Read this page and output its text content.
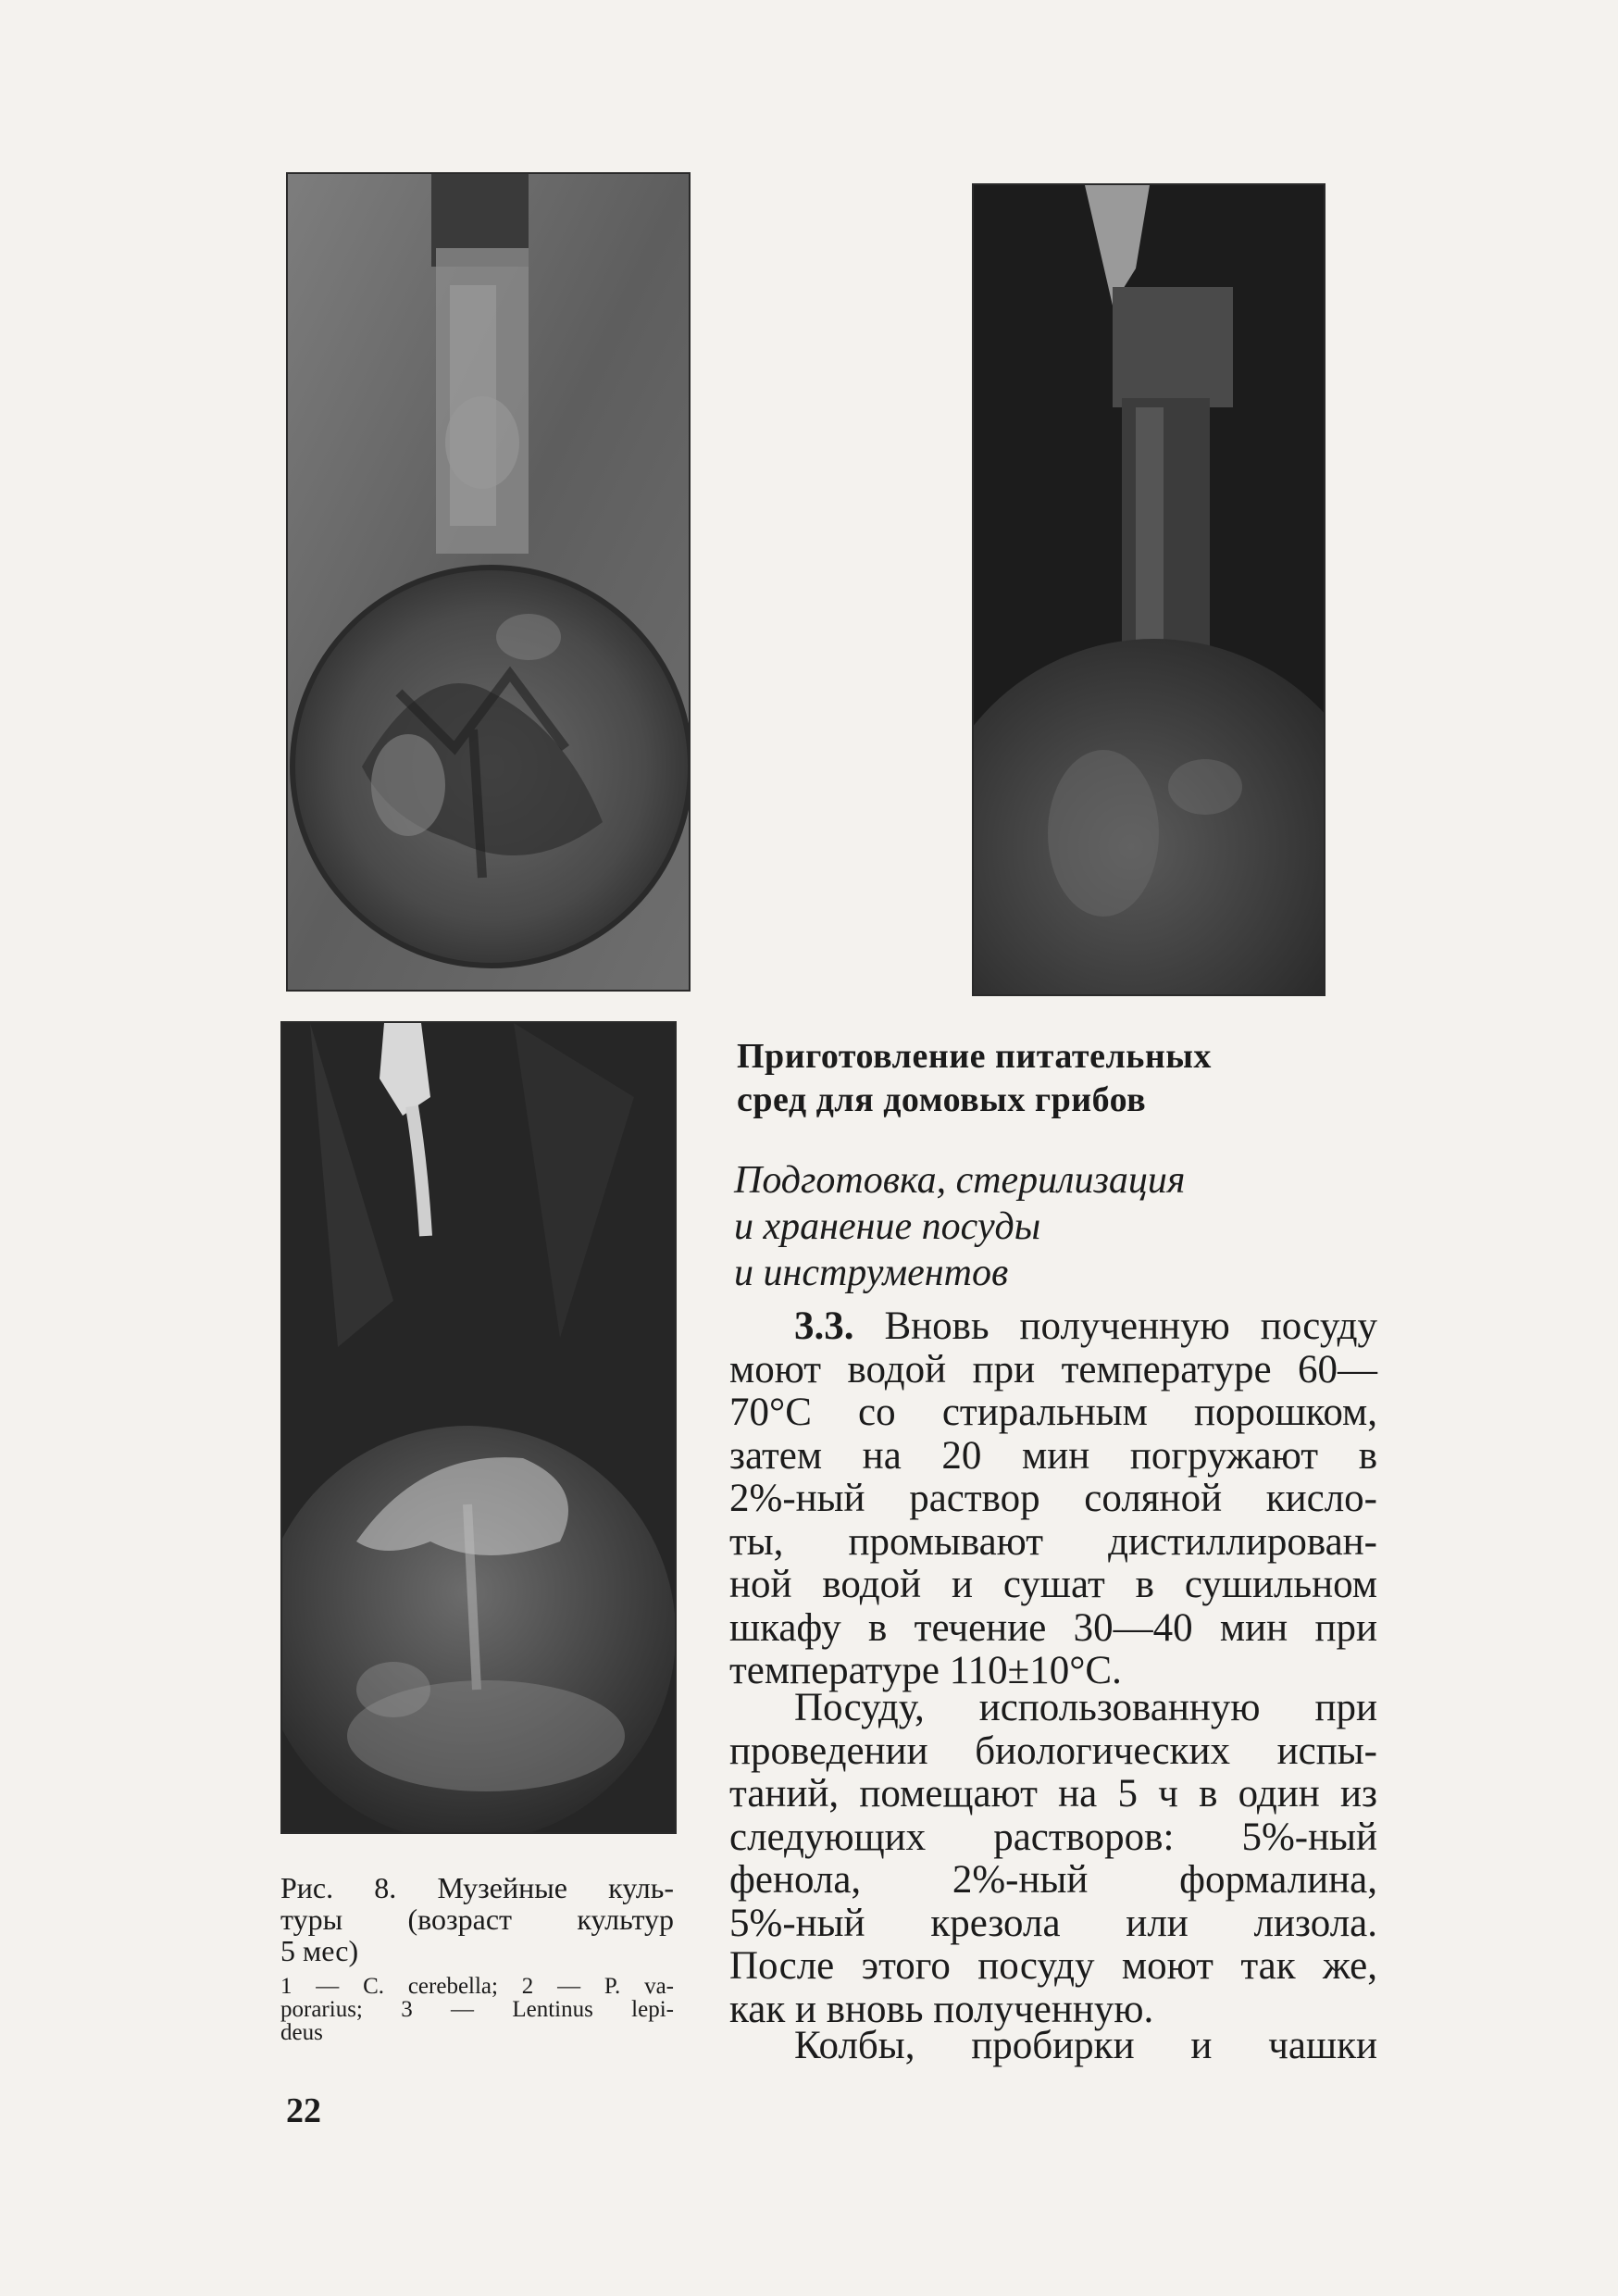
Приготовление питательных
сред для домовых грибов
Подготовка, стерилизация
и хранение посуды
и инструментов
3.3. Вновь полученную посуду
моют водой при температуре 60—
70°С со стиральным порошком,
затем на 20 мин погружают в
2%-ный раствор соляной кисло-
ты, промывают дистиллирован-
ной водой и сушат в сушильном
шкафу в течение 30—40 мин при
температуре 110±10°С.
Посуду, использованную при
проведении биологических испы-
таний, помещают на 5 ч в один из
следующих растворов: 5%-ный
фенола, 2%-ный формалина,
5%-ный крезола или лизола.
После этого посуду моют так же,
как и вновь полученную.
Колбы, пробирки и чашки
Рис. 8. Музейные куль-
туры (возраст культур
5 мес)
1 — C. cerebella; 2 — P. va-
porarius; 3 — Lentinus lepi-
deus
22
